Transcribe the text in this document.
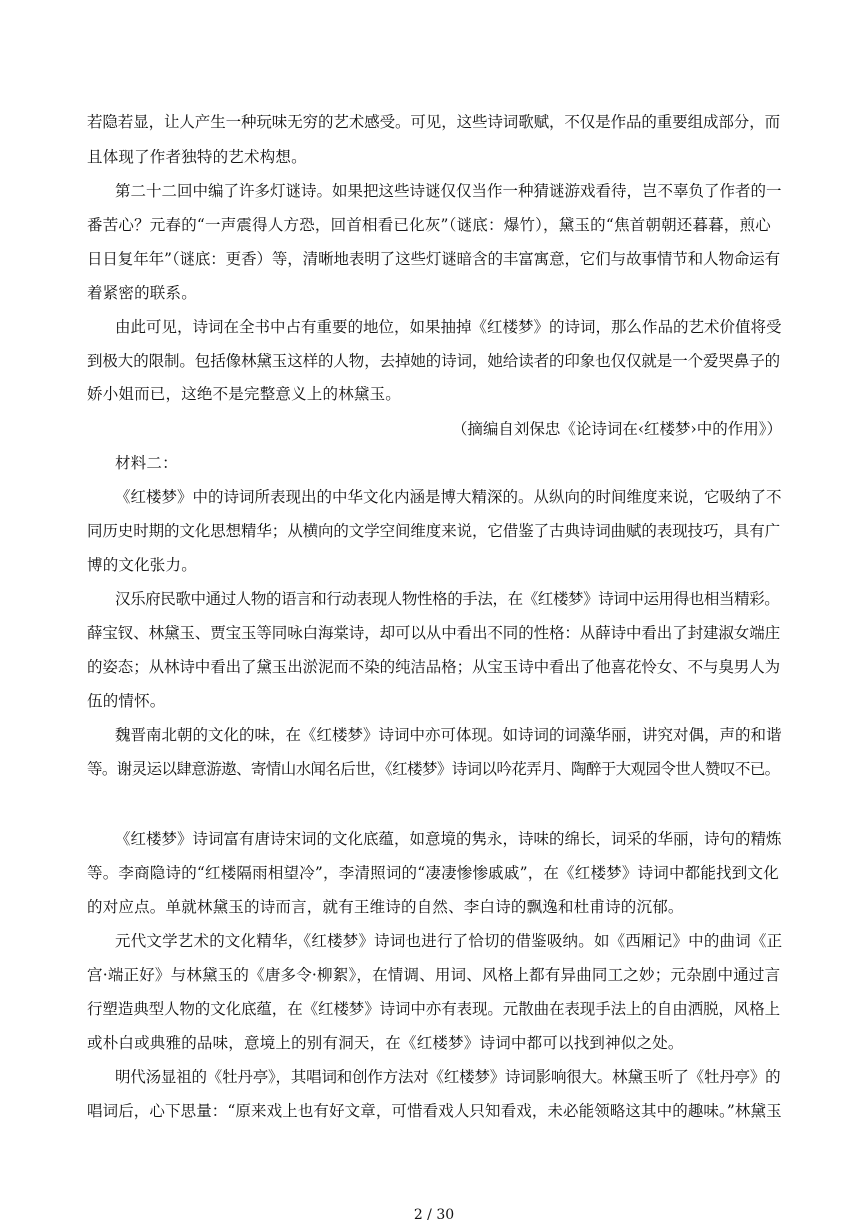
若隐若显，让人产生一种玩味无穷的艺术感受。可见，这些诗词歌赋，不仅是作品的重要组成部分，而
且体现了作者独特的艺术构想。
第二十二回中编了许多灯谜诗。如果把这些诗谜仅仅当作一种猜谜游戏看待，岂不辜负了作者的一
番苦心？元春的“一声震得人方恐，回首相看已化灰”（谜底：爆竹），黛玉的“焦首朝朝还暮暮，煎心
日日复年年”（谜底：更香）等，清晰地表明了这些灯谜暗含的丰富寓意，它们与故事情节和人物命运有
着紧密的联系。
由此可见，诗词在全书中占有重要的地位，如果抽掉《红楼梦》的诗词，那么作品的艺术价值将受
到极大的限制。包括像林黛玉这样的人物，去掉她的诗词，她给读者的印象也仅仅就是一个爱哭鼻子的
娇小姐而已，这绝不是完整意义上的林黛玉。
（摘编自刘保忠《论诗词在‹红楼梦›中的作用》）
材料二：
《红楼梦》中的诗词所表现出的中华文化内涵是博大精深的。从纵向的时间维度来说，它吸纳了不
同历史时期的文化思想精华；从横向的文学空间维度来说，它借鉴了古典诗词曲赋的表现技巧，具有广
博的文化张力。
汉乐府民歌中通过人物的语言和行动表现人物性格的手法，在《红楼梦》诗词中运用得也相当精彩。
薛宝钗、林黛玉、贾宝玉等同咏白海棠诗，却可以从中看出不同的性格：从薛诗中看出了封建淑女端庄
的姿态；从林诗中看出了黛玉出淤泥而不染的纯洁品格；从宝玉诗中看出了他喜花怜女、不与臭男人为
伍的情怀。
魏晋南北朝的文化的味，在《红楼梦》诗词中亦可体现。如诗词的词藻华丽，讲究对偶，声的和谐
等。谢灵运以肆意游遨、寄情山水闻名后世，《红楼梦》诗词以吟花弄月、陶醉于大观园令世人赞叹不已。
《红楼梦》诗词富有唐诗宋词的文化底蕴，如意境的隽永，诗味的绵长，词采的华丽，诗句的精炼
等。李商隐诗的“红楼隔雨相望冷”，李清照词的“凄凄惨惨戚戚”，在《红楼梦》诗词中都能找到文化
的对应点。单就林黛玉的诗而言，就有王维诗的自然、李白诗的飘逸和杜甫诗的沉郁。
元代文学艺术的文化精华，《红楼梦》诗词也进行了恰切的借鉴吸纳。如《西厢记》中的曲词《正
宫·端正好》与林黛玉的《唐多令·柳絮》，在情调、用词、风格上都有异曲同工之妙；元杂剧中通过言
行塑造典型人物的文化底蕴，在《红楼梦》诗词中亦有表现。元散曲在表现手法上的自由洒脱，风格上
或朴白或典雅的品味，意境上的别有洞天，在《红楼梦》诗词中都可以找到神似之处。
明代汤显祖的《牡丹亭》，其唱词和创作方法对《红楼梦》诗词影响很大。林黛玉听了《牡丹亭》的
唱词后，心下思量：“原来戏上也有好文章，可惜看戏人只知看戏，未必能领略这其中的趣味。”林黛玉
2 / 30
